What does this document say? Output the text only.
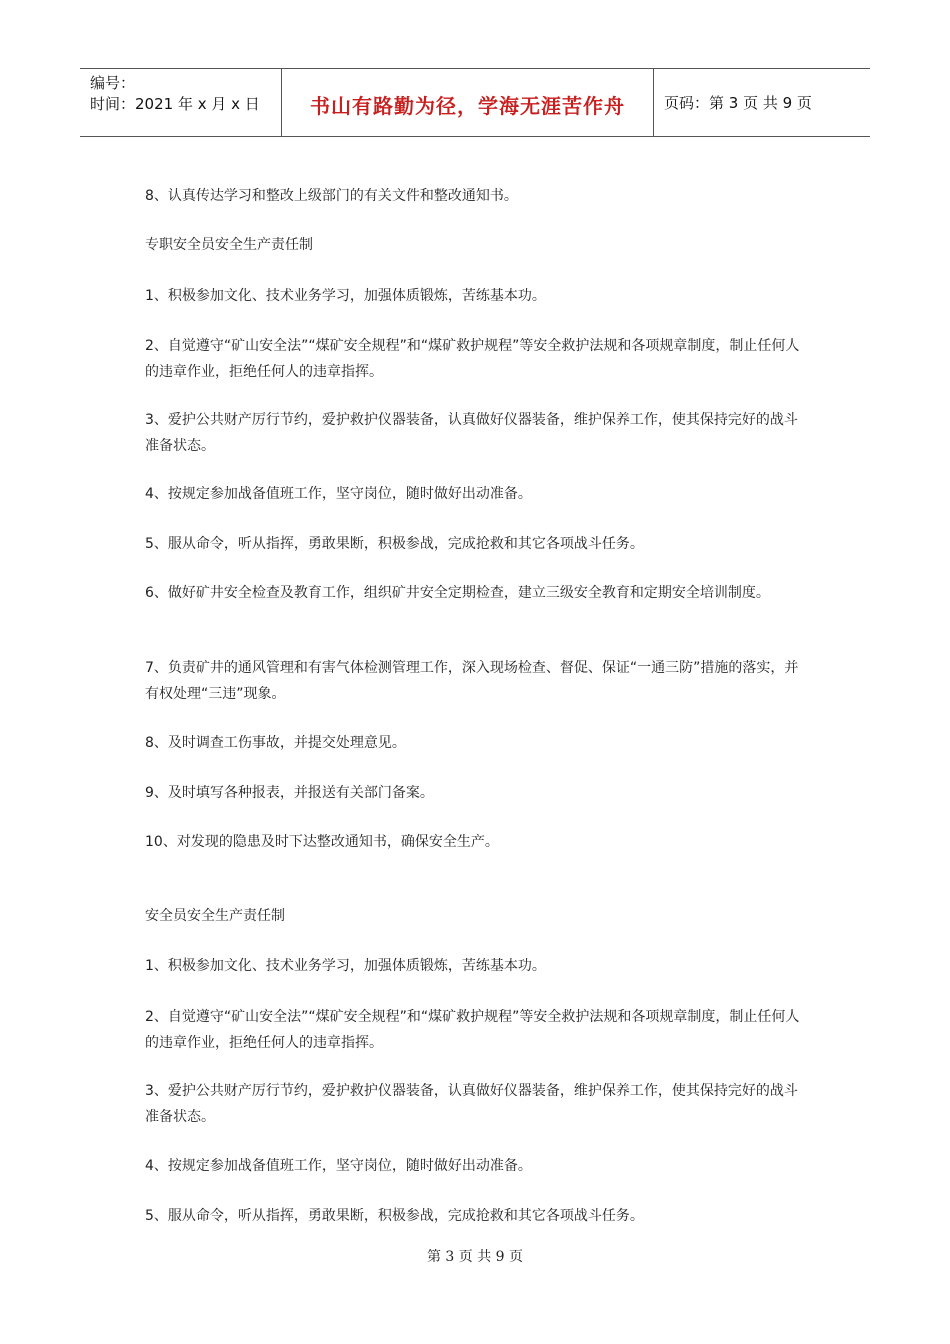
编号：
时间：2021 年 x 月 x 日	书山有路勤为径，学海无涯苦作舟	页码：第 3 页 共 9 页
8、认真传达学习和整改上级部门的有关文件和整改通知书。
专职安全员安全生产责任制
1、积极参加文化、技术业务学习，加强体质锻炼，苦练基本功。
2、自觉遵守“矿山安全法”“煤矿安全规程”和“煤矿救护规程”等安全救护法规和各项规章制度，制止任何人的违章作业，拒绝任何人的违章指挥。
3、爱护公共财产厉行节约，爱护救护仪器装备，认真做好仪器装备，维护保养工作，使其保持完好的战斗准备状态。
4、按规定参加战备值班工作，坚守岗位，随时做好出动准备。
5、服从命令，听从指挥，勇敢果断，积极参战，完成抢救和其它各项战斗任务。
6、做好矿井安全检查及教育工作，组织矿井安全定期检查，建立三级安全教育和定期安全培训制度。
7、负责矿井的通风管理和有害气体检测管理工作，深入现场检查、督促、保证“一通三防”措施的落实，并有权处理“三违”现象。
8、及时调查工伤事故，并提交处理意见。
9、及时填写各种报表，并报送有关部门备案。
10、对发现的隐患及时下达整改通知书，确保安全生产。
安全员安全生产责任制
1、积极参加文化、技术业务学习，加强体质锻炼，苦练基本功。
2、自觉遵守“矿山安全法”“煤矿安全规程”和“煤矿救护规程”等安全救护法规和各项规章制度，制止任何人的违章作业，拒绝任何人的违章指挥。
3、爱护公共财产厉行节约，爱护救护仪器装备，认真做好仪器装备，维护保养工作，使其保持完好的战斗准备状态。
4、按规定参加战备值班工作，坚守岗位，随时做好出动准备。
5、服从命令，听从指挥，勇敢果断，积极参战，完成抢救和其它各项战斗任务。
第 3 页 共 9 页
